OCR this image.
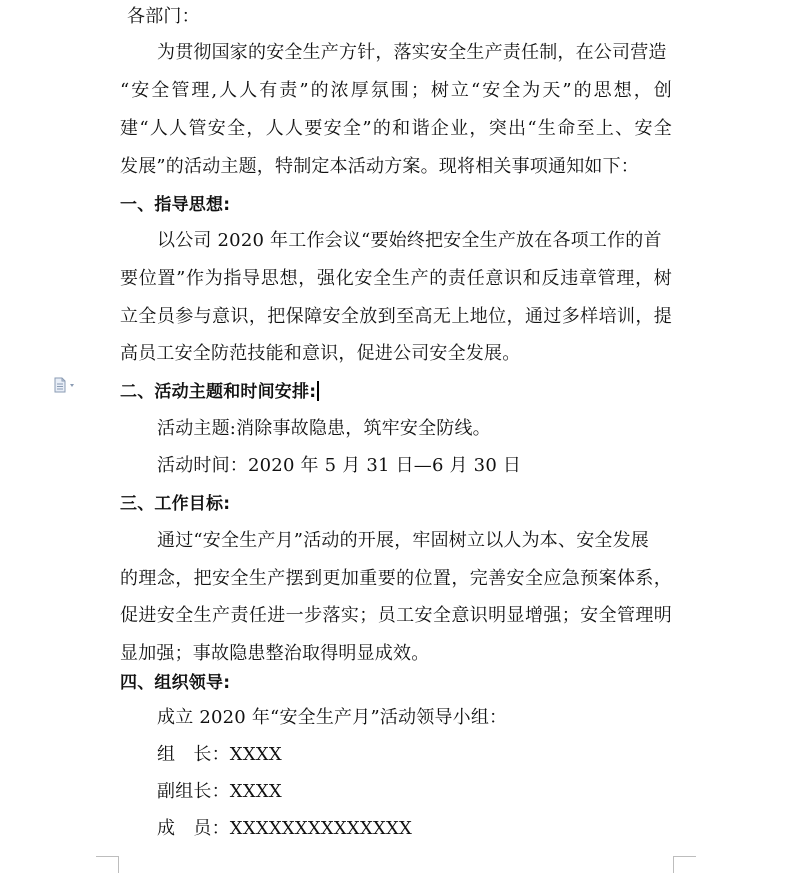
各部门：
为贯彻国家的安全生产方针，落实安全生产责任制，在公司营造
“安全管理,人人有责”的浓厚氛围；树立“安全为天”的思想，创
建“人人管安全，人人要安全”的和谐企业，突出“生命至上、安全
发展”的活动主题，特制定本活动方案。现将相关事项通知如下：
一、指导思想:
以公司 2020 年工作会议“要始终把安全生产放在各项工作的首
要位置”作为指导思想，强化安全生产的责任意识和反违章管理，树
立全员参与意识，把保障安全放到至高无上地位，通过多样培训，提
高员工安全防范技能和意识，促进公司安全发展。
二、活动主题和时间安排:
活动主题:消除事故隐患，筑牢安全防线。
活动时间：2020 年 5 月 31 日—6 月 30 日
三、工作目标:
通过“安全生产月”活动的开展，牢固树立以人为本、安全发展
的理念，把安全生产摆到更加重要的位置，完善安全应急预案体系，
促进安全生产责任进一步落实；员工安全意识明显增强；安全管理明
显加强；事故隐患整治取得明显成效。
四、组织领导:
成立 2020 年“安全生产月”活动领导小组：
组　长：XXXX
副组长：XXXX
成　员：XXXXXXXXXXXXXX
